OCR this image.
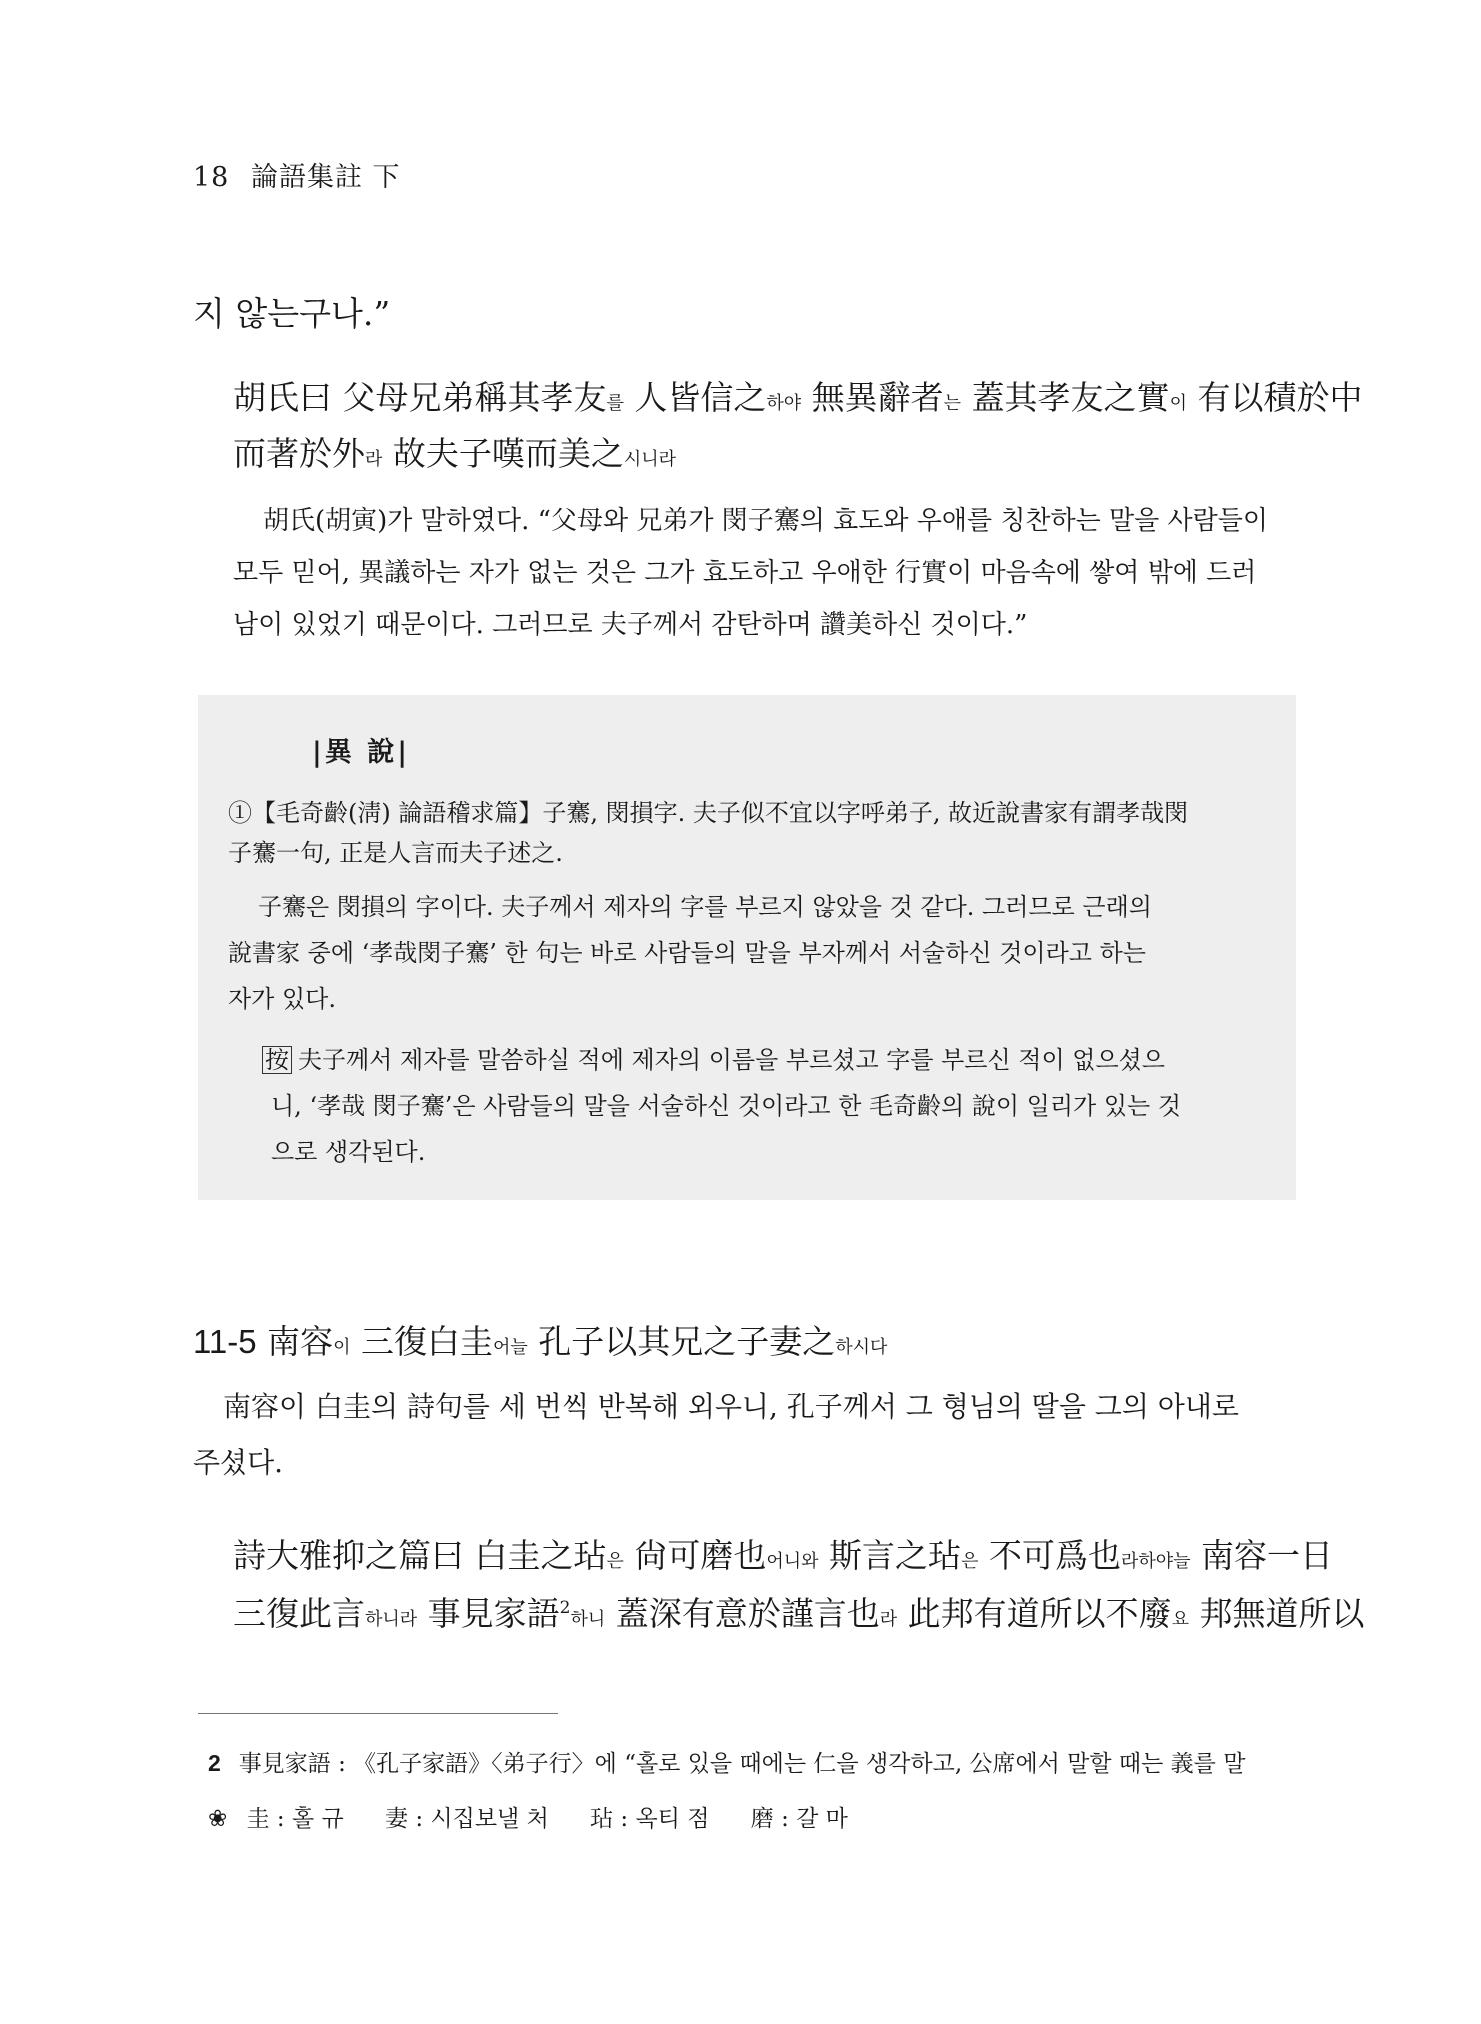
18 論語集註 下
지 않는구나.”
胡氏曰 父母兄弟稱其孝友를 人皆信之하야 無異辭者는 蓋其孝友之實이 有以積於中
而著於外라 故夫子嘆而美之시니라
胡氏(胡寅)가 말하였다. “父母와 兄弟가 閔子騫의 효도와 우애를 칭찬하는 말을 사람들이
모두 믿어, 異議하는 자가 없는 것은 그가 효도하고 우애한 行實이 마음속에 쌓여 밖에 드러
남이 있었기 때문이다. 그러므로 夫子께서 감탄하며 讚美하신 것이다.”
|異 說|
①【毛奇齡(淸) 論語稽求篇】子騫, 閔損字. 夫子似不宜以字呼弟子, 故近說書家有謂孝哉閔
子騫一句, 正是人言而夫子述之.
子騫은 閔損의 字이다. 夫子께서 제자의 字를 부르지 않았을 것 같다. 그러므로 근래의
說書家 중에 ‘孝哉閔子騫’ 한 句는 바로 사람들의 말을 부자께서 서술하신 것이라고 하는
자가 있다.
按 夫子께서 제자를 말씀하실 적에 제자의 이름을 부르셨고 字를 부르신 적이 없으셨으
니, ‘孝哉 閔子騫’은 사람들의 말을 서술하신 것이라고 한 毛奇齡의 說이 일리가 있는 것
으로 생각된다.
11-5 南容이 三復白圭어늘 孔子以其兄之子妻之하시다
南容이 白圭의 詩句를 세 번씩 반복해 외우니, 孔子께서 그 형님의 딸을 그의 아내로
주셨다.
詩大雅抑之篇曰 白圭之玷은 尙可磨也어니와 斯言之玷은 不可爲也라하야늘 南容一日
三復此言하니라 事見家語$^2$하니 蓋深有意於謹言也라 此邦有道所以不廢요 邦無道所以
2 事見家語 : 《孔子家語》〈弟子行〉에 “홀로 있을 때에는 仁을 생각하고, 公席에서 말할 때는 義를 말
❀ 圭 : 홀 규 妻 : 시집보낼 처 玷 : 옥티 점 磨 : 갈 마
